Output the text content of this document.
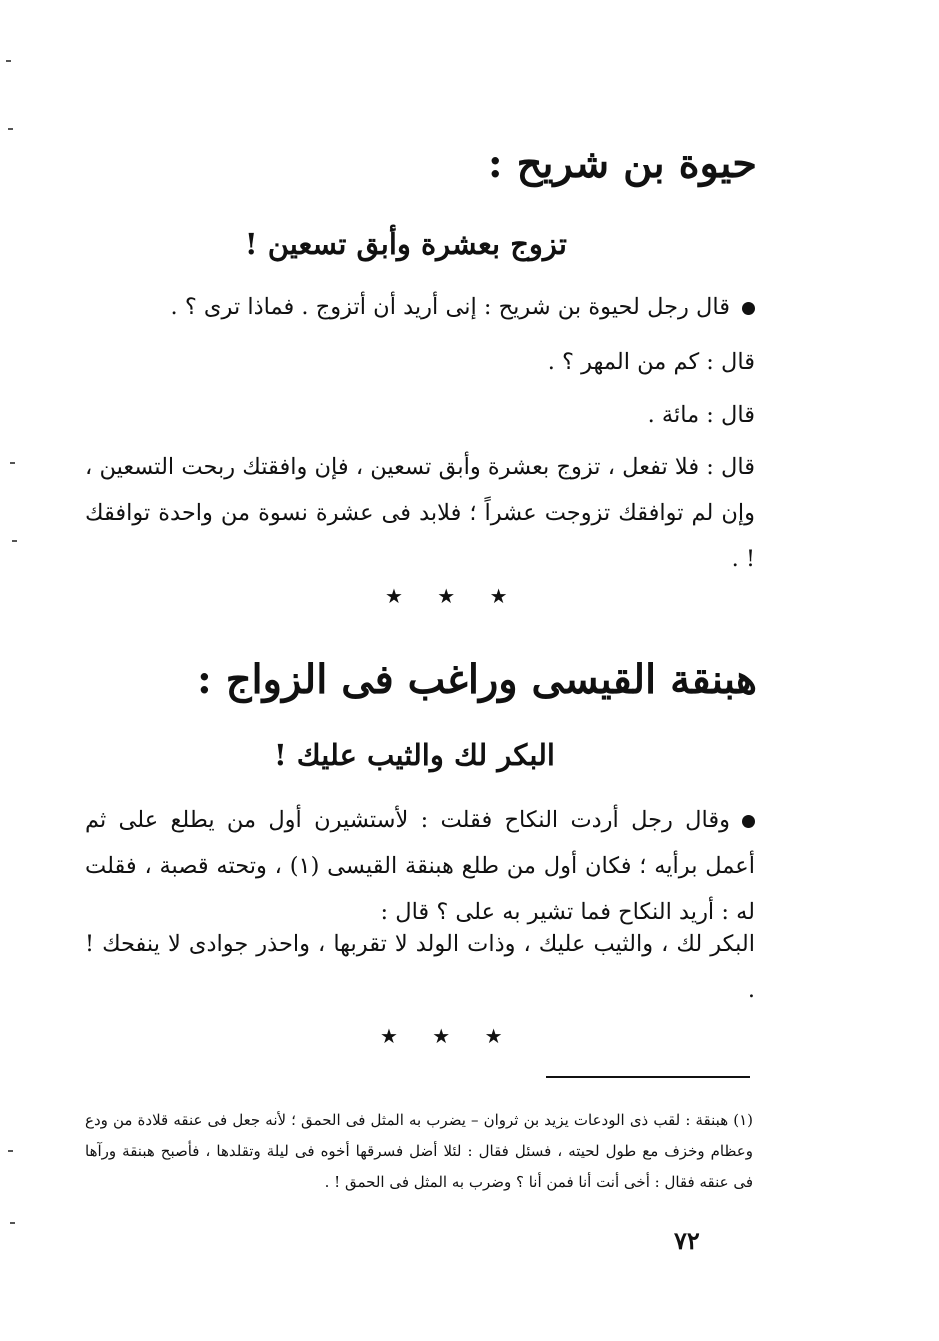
حيوة بن شريح :
تزوج بعشرة وأبق تسعين !

قال رجل لحيوة بن شريح : إنى أريد أن أتزوج . فماذا ترى ؟ .

قال : كم من المهر ؟ .

قال : مائة .

قال : فلا تفعل ، تزوج بعشرة وأبق تسعين ، فإن وافقتك ربحت التسعين ، وإن لم توافقك تزوجت عشراً ؛ فلابد فى عشرة نسوة من واحدة توافقك ! .

★ ★ ★
هبنقة القيسى وراغب فى الزواج :
البكر لك والثيب عليك !

وقال رجل أردت النكاح فقلت : لأستشيرن أول من يطلع على ثم أعمل برأيه ؛ فكان أول من طلع هبنقة القيسى (١) ، وتحته قصبة ، فقلت له : أريد النكاح فما تشير به على ؟ قال :

البكر لك ، والثيب عليك ، وذات الولد لا تقربها ، واحذر جوادى لا ينفحك ! .

★ ★ ★

(١) هبنقة : لقب ذى الودعات يزيد بن ثروان – يضرب به المثل فى الحمق ؛ لأنه جعل فى عنقه قلادة من ودع وعظام وخزف مع طول لحيته ، فسئل فقال : لئلا أضل فسرقها أخوه فى ليلة وتقلدها ، فأصبح هبنقة ورآها فى عنقه فقال : أخى أنت أنا فمن أنا ؟ وضرب به المثل فى الحمق ! .

٧٢
